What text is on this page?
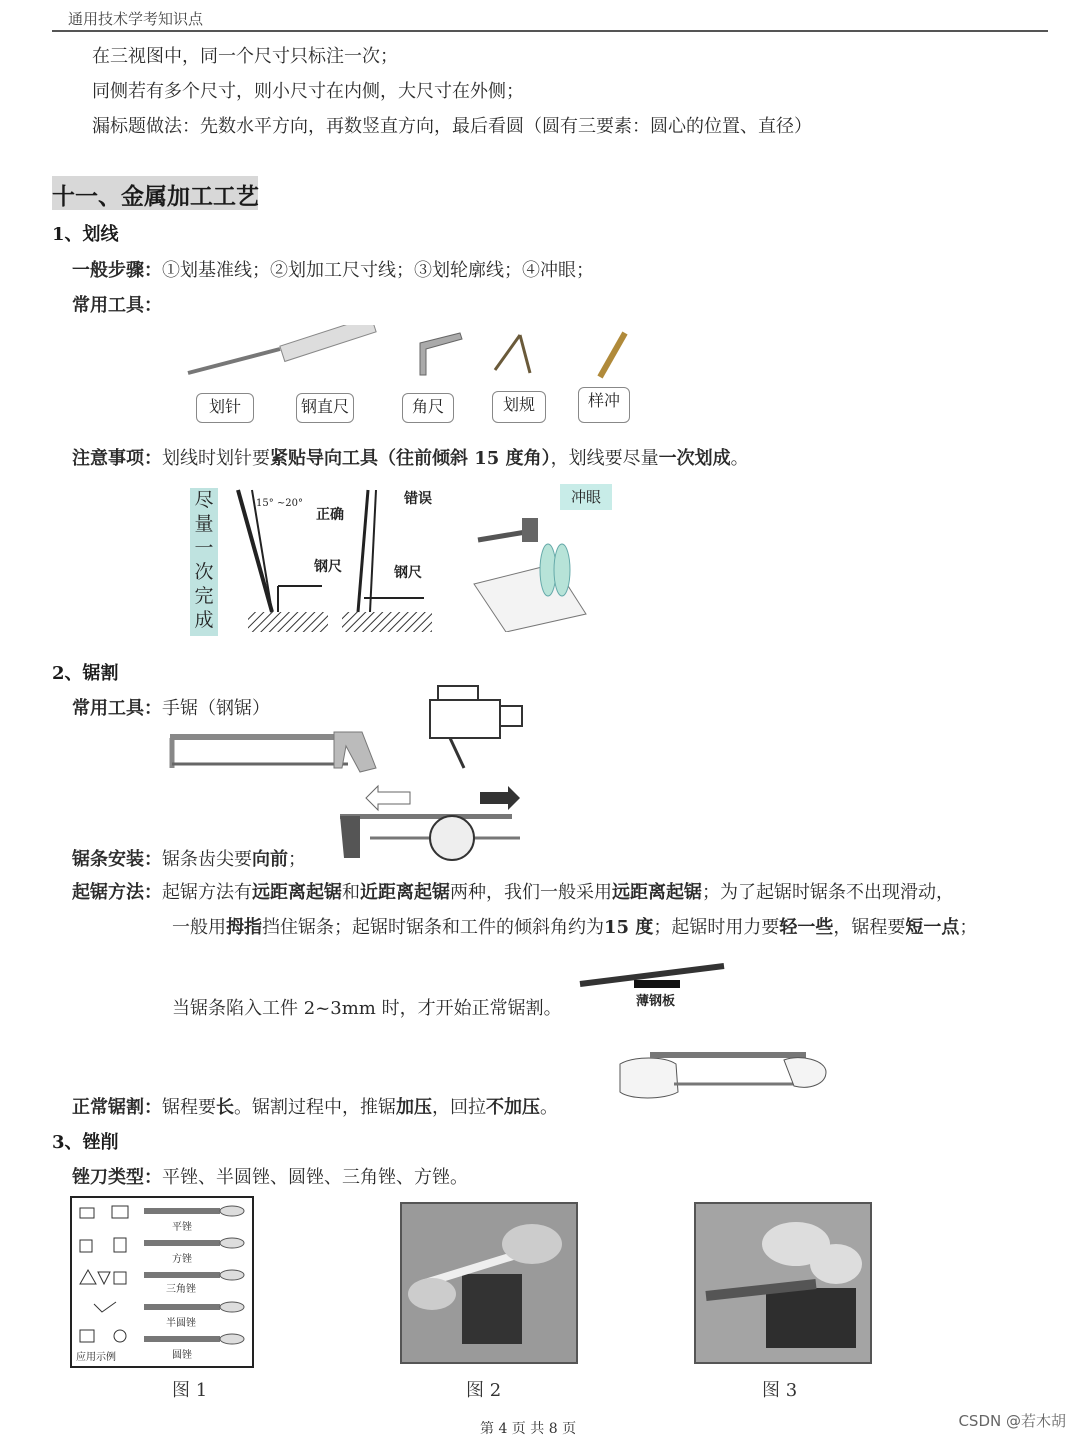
通用技术学考知识点
在三视图中，同一个尺寸只标注一次；
同侧若有多个尺寸，则小尺寸在内侧，大尺寸在外侧；
漏标题做法：先数水平方向，再数竖直方向，最后看圆（圆有三要素：圆心的位置、直径）
十一、金属加工工艺
1、划线
一般步骤：①划基准线；②划加工尺寸线；③划轮廓线；④冲眼；
常用工具：
划针	钢直尺	角尺	划规	样冲
注意事项：划线时划针要紧贴导向工具（往前倾斜 15 度角），划线要尽量一次划成。
尽量一次完成
15° ~20°
正确
错误
钢尺	钢尺
冲眼
2、锯割
常用工具：手锯（钢锯）
锯条安装：锯条齿尖要向前；
起锯方法：起锯方法有远距离起锯和近距离起锯两种，我们一般采用远距离起锯；为了起锯时锯条不出现滑动，
一般用拇指挡住锯条；起锯时锯条和工件的倾斜角约为15 度；起锯时用力要轻一些，锯程要短一点；
薄钢板
当锯条陷入工件 2~3mm 时，才开始正常锯割。
正常锯割：锯程要长。锯割过程中，推锯加压，回拉不加压。
3、锉削
锉刀类型：平锉、半圆锉、圆锉、三角锉、方锉。
平锉
方锉
三角锉
半圆锉
圆锉
应用示例
图 1	图 2	图 3
第 4 页 共 8 页	CSDN @若木胡
